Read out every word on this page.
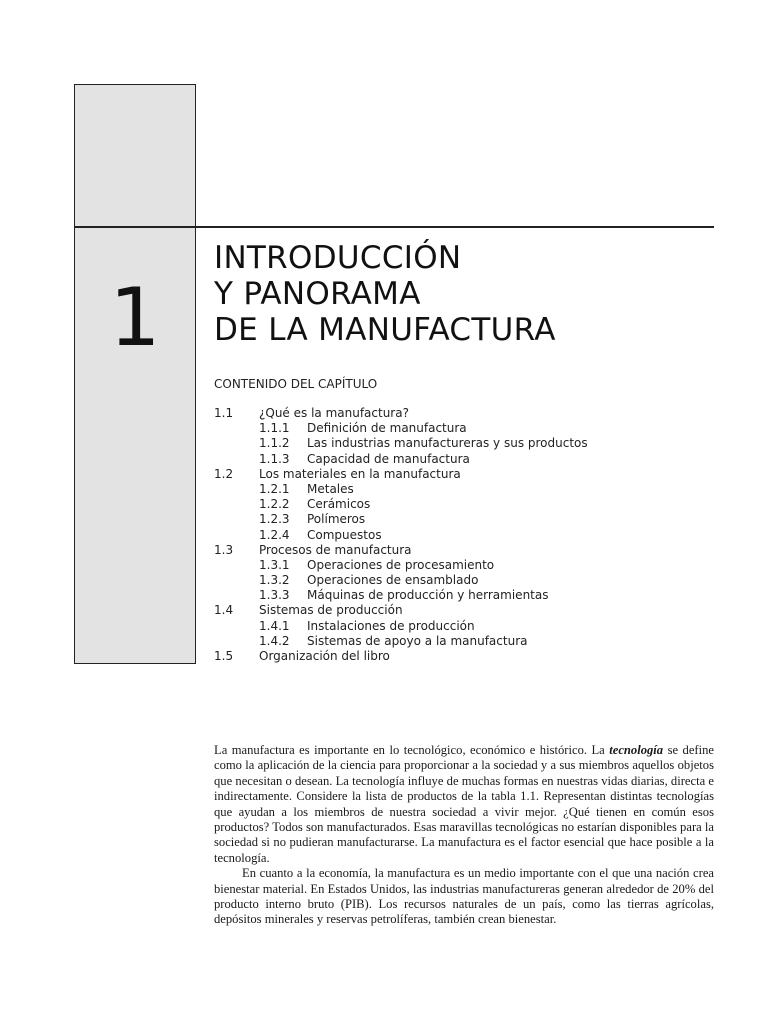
1
INTRODUCCIÓN
Y PANORAMA
DE LA MANUFACTURA
CONTENIDO DEL CAPÍTULO
1.1	¿Qué es la manufactura?
1.1.1	Definición de manufactura
1.1.2	Las industrias manufactureras y sus productos
1.1.3	Capacidad de manufactura
1.2	Los materiales en la manufactura
1.2.1	Metales
1.2.2	Cerámicos
1.2.3	Polímeros
1.2.4	Compuestos
1.3	Procesos de manufactura
1.3.1	Operaciones de procesamiento
1.3.2	Operaciones de ensamblado
1.3.3	Máquinas de producción y herramientas
1.4	Sistemas de producción
1.4.1	Instalaciones de producción
1.4.2	Sistemas de apoyo a la manufactura
1.5	Organización del libro

La manufactura es importante en lo tecnológico, económico e histórico. La tecnología se define como la aplicación de la ciencia para proporcionar a la sociedad y a sus miembros aquellos objetos que necesitan o desean. La tecnología influye de muchas formas en nuestras vidas diarias, directa e indirectamente. Considere la lista de productos de la tabla 1.1. Representan distintas tecnologías que ayudan a los miembros de nuestra sociedad a vivir mejor. ¿Qué tienen en común esos productos? Todos son manufacturados. Esas maravillas tecnológicas no estarían disponibles para la sociedad si no pudieran manufacturarse. La manufactura es el factor esencial que hace posible a la tecnología.

En cuanto a la economía, la manufactura es un medio importante con el que una nación crea bienestar material. En Estados Unidos, las industrias manufactureras generan alrededor de 20% del producto interno bruto (PIB). Los recursos naturales de un país, como las tierras agrícolas, depósitos minerales y reservas petrolíferas, también crean bienestar.
